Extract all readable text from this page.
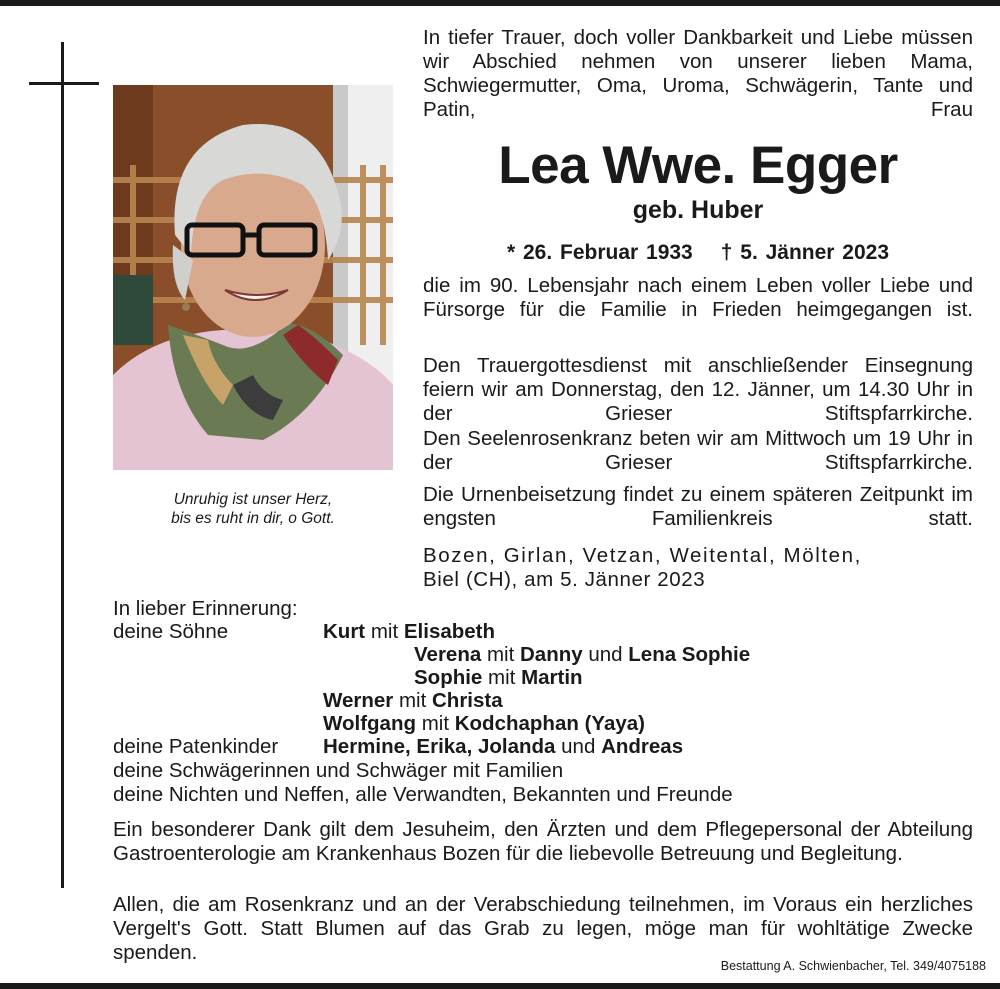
Unruhig ist unser Herz,
bis es ruht in dir, o Gott.
In tiefer Trauer, doch voller Dankbarkeit und Liebe müssen wir Abschied nehmen von unserer lieben Mama, Schwiegermutter, Oma, Uroma, Schwägerin, Tante und Patin, Frau
Lea Wwe. Egger
geb. Huber
* 26. Februar 1933 † 5. Jänner 2023
die im 90. Lebensjahr nach einem Leben voller Liebe und Fürsorge für die Familie in Frieden heimgegangen ist.
Den Trauergottesdienst mit anschließender Einsegnung feiern wir am Donnerstag, den 12. Jänner, um 14.30 Uhr in der Grieser Stiftspfarrkirche.
Den Seelenrosenkranz beten wir am Mittwoch um 19 Uhr in der Grieser Stiftspfarrkirche.
Die Urnenbeisetzung findet zu einem späteren Zeitpunkt im engsten Familienkreis statt.
Bozen, Girlan, Vetzan, Weitental, Mölten,
Biel (CH), am 5. Jänner 2023
In lieber Erinnerung:
deine Söhne	Kurt mit Elisabeth
Verena mit Danny und Lena Sophie
Sophie mit Martin
Werner mit Christa
Wolfgang mit Kodchaphan (Yaya)
deine Patenkinder Hermine, Erika, Jolanda und Andreas
deine Schwägerinnen und Schwäger mit Familien
deine Nichten und Neffen, alle Verwandten, Bekannten und Freunde
Ein besonderer Dank gilt dem Jesuheim, den Ärzten und dem Pflegepersonal der Abteilung Gastroenterologie am Krankenhaus Bozen für die liebevolle Betreuung und Begleitung.
Allen, die am Rosenkranz und an der Verabschiedung teilnehmen, im Voraus ein herzliches Vergelt's Gott. Statt Blumen auf das Grab zu legen, möge man für wohltätige Zwecke spenden.
Bestattung A. Schwienbacher, Tel. 349/4075188
